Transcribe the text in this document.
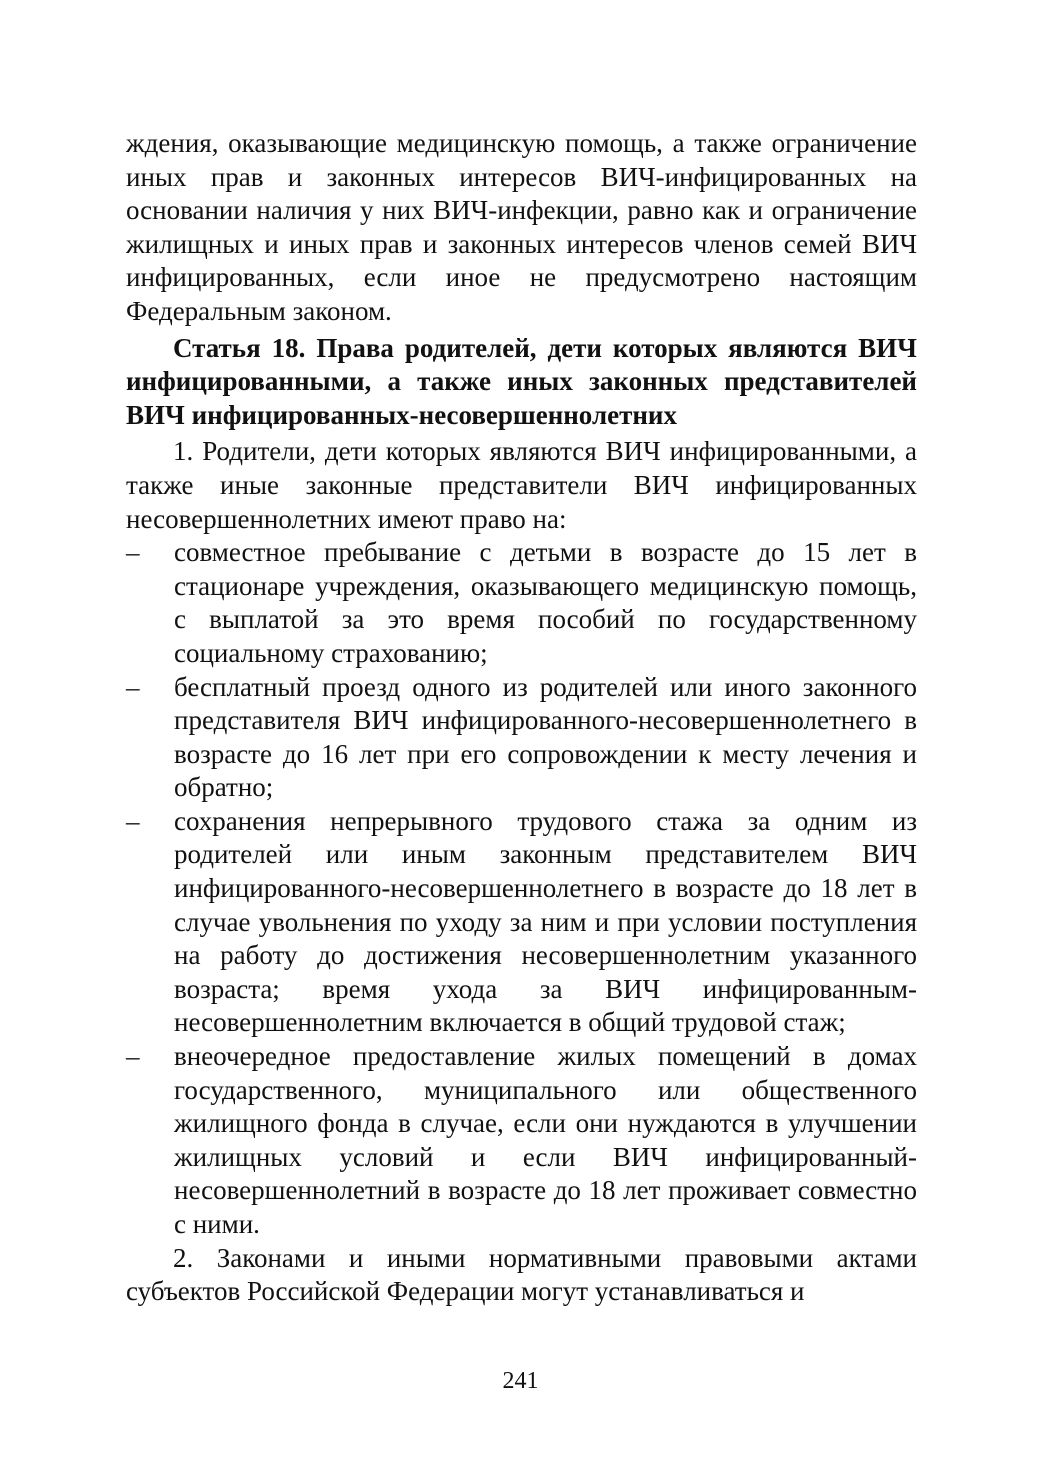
ждения, оказывающие медицинскую помощь, а также ограничение иных прав и законных интересов ВИЧ-инфицированных на основании наличия у них ВИЧ-инфекции, равно как и ограничение жилищных и иных прав и законных интересов членов семей ВИЧ инфицированных, если иное не предусмотрено настоящим Федеральным законом.

Статья 18. Права родителей, дети которых являются ВИЧ инфицированными, а также иных законных представителей ВИЧ инфицированных-несовершеннолетних

1. Родители, дети которых являются ВИЧ инфицированными, а также иные законные представители ВИЧ инфицированных несовершеннолетних имеют право на:

– совместное пребывание с детьми в возрасте до 15 лет в стационаре учреждения, оказывающего медицинскую помощь, с выплатой за это время пособий по государственному социальному страхованию;
– бесплатный проезд одного из родителей или иного законного представителя ВИЧ инфицированного-несовершеннолетнего в возрасте до 16 лет при его сопровождении к месту лечения и обратно;
– сохранения непрерывного трудового стажа за одним из родителей или иным законным представителем ВИЧ инфицированного-несовершеннолетнего в возрасте до 18 лет в случае увольнения по уходу за ним и при условии поступления на работу до достижения несовершеннолетним указанного возраста; время ухода за ВИЧ инфицированным-несовершеннолетним включается в общий трудовой стаж;
– внеочередное предоставление жилых помещений в домах государственного, муниципального или общественного жилищного фонда в случае, если они нуждаются в улучшении жилищных условий и если ВИЧ инфицированный-несовершеннолетний в возрасте до 18 лет проживает совместно с ними.

2. Законами и иными нормативными правовыми актами субъектов Российской Федерации могут устанавливаться и

241
